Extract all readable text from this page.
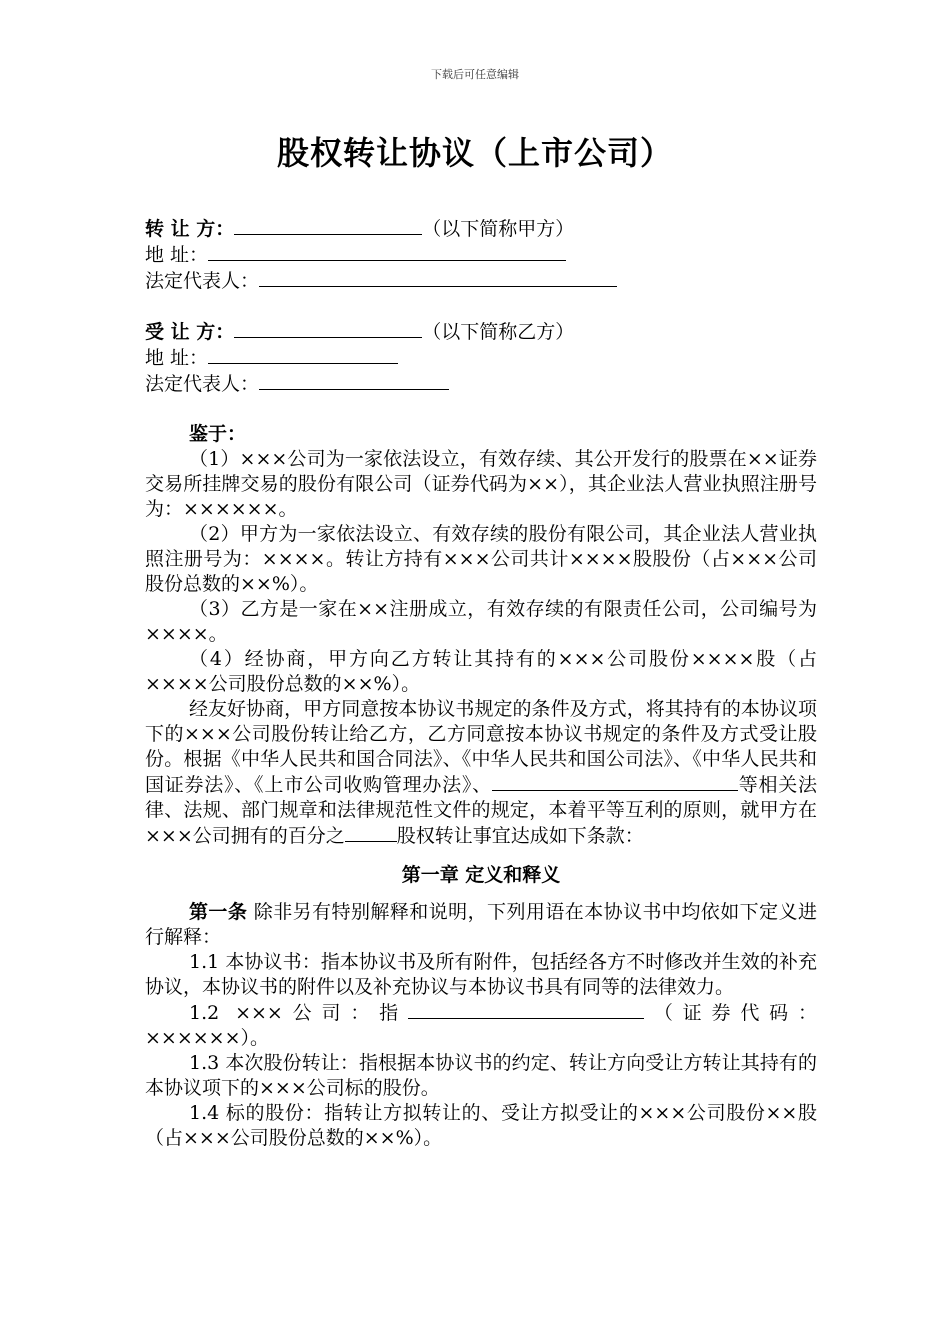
下载后可任意编辑
股权转让协议（上市公司）
转 让 方：	（以下简称甲方）
地 址：
法定代表人：
受 让 方：	（以下简称乙方）
地 址：
法定代表人：

鉴于：

（1）×××公司为一家依法设立，有效存续、其公开发行的股票在××证券交易所挂牌交易的股份有限公司（证券代码为××），其企业法人营业执照注册号为：××××××。

（2）甲方为一家依法设立、有效存续的股份有限公司，其企业法人营业执照注册号为：××××。转让方持有×××公司共计××××股股份（占×××公司股份总数的××%）。

（3）乙方是一家在××注册成立，有效存续的有限责任公司，公司编号为××××。

（4）经协商，甲方向乙方转让其持有的×××公司股份××××股（占××××公司股份总数的××%）。

经友好协商，甲方同意按本协议书规定的条件及方式，将其持有的本协议项下的×××公司股份转让给乙方，乙方同意按本协议书规定的条件及方式受让股份。根据《中华人民共和国合同法》、《中华人民共和国公司法》、《中华人民共和国证券法》、《上市公司收购管理办法》、	等相关法律、法规、部门规章和法律规范性文件的规定，本着平等互利的原则，就甲方在×××公司拥有的百分之	股权转让事宜达成如下条款：

第一章 定义和释义

第一条 除非另有特别解释和说明，下列用语在本协议书中均依如下定义进行解释：

1.1 本协议书：指本协议书及所有附件，包括经各方不时修改并生效的补充协议，本协议书的附件以及补充协议与本协议书具有同等的法律效力。

1.2 ×××公司：指	（证券代码：××××××）。

1.3 本次股份转让：指根据本协议书的约定、转让方向受让方转让其持有的本协议项下的×××公司标的股份。

1.4 标的股份：指转让方拟转让的、受让方拟受让的×××公司股份××股（占×××公司股份总数的××%）。
